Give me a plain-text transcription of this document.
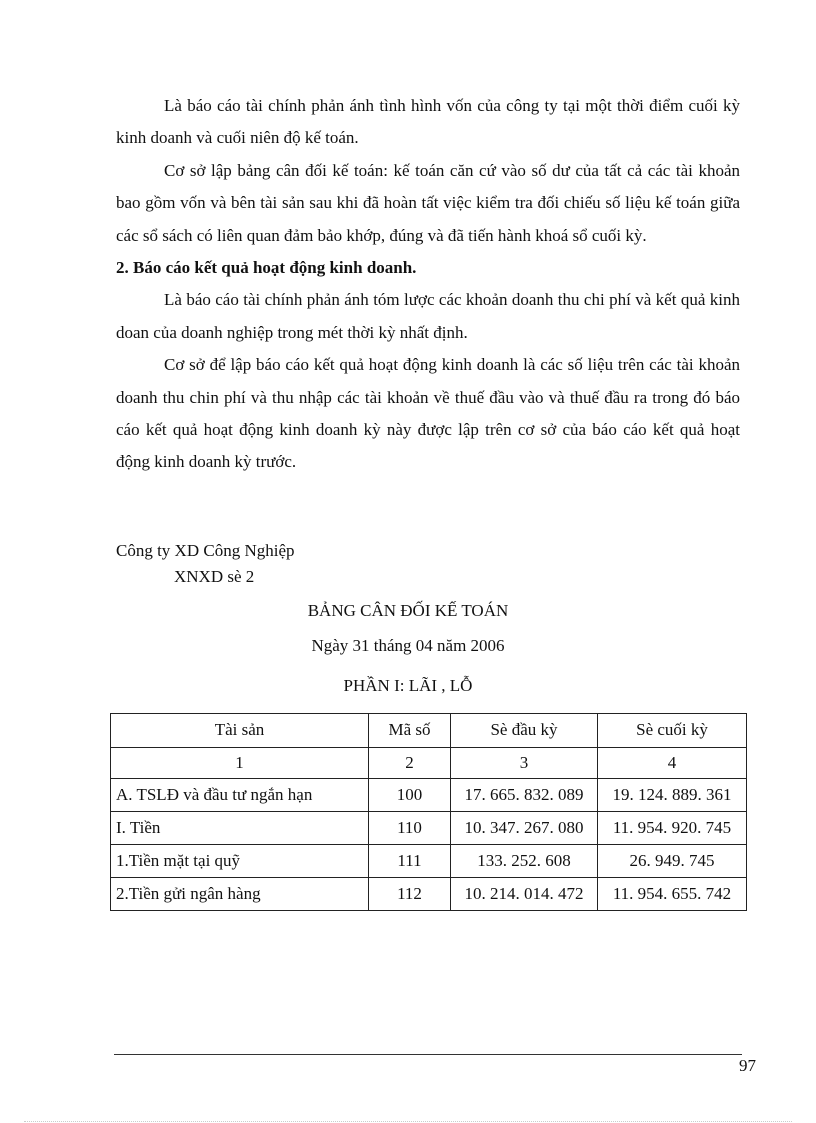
Là báo cáo tài chính phản ánh tình hình vốn của công ty tại một thời điểm cuối kỳ kinh doanh và cuối niên độ kế toán.

Cơ sở lập bảng cân đối kế toán: kế toán căn cứ vào số dư của tất cả các tài khoản bao gồm vốn và bên tài sản sau khi đã hoàn tất việc kiểm tra đối chiếu số liệu kế toán giữa các sổ sách có liên quan đảm bảo khớp, đúng và đã tiến hành khoá sổ cuối kỳ.

2. Báo cáo kết quả hoạt động kinh doanh.

Là báo cáo tài chính phản ánh tóm lược các khoản doanh thu chi phí và kết quả kinh doan của doanh nghiệp trong mét thời kỳ nhất định.

Cơ sở để lập báo cáo kết quả hoạt động kinh doanh là các số liệu trên các tài khoản doanh thu chin phí và thu nhập các tài khoản về thuế đầu vào và thuế đầu ra trong đó báo cáo kết quả hoạt động kinh doanh kỳ này được lập trên cơ sở của báo cáo kết quả hoạt động kinh doanh kỳ trước.

Công ty XD Công Nghiệp
XNXD sè 2
BẢNG CÂN ĐỐI KẾ TOÁN
Ngày 31 tháng 04 năm 2006
PHẦN I: LÃI , LỖ
Tài sản	Mã số	Sè đầu kỳ	Sè cuối kỳ
1	2	3	4
A. TSLĐ và đầu tư ngắn hạn	100	17. 665. 832. 089	19. 124. 889. 361
I. Tiền	110	10. 347. 267. 080	11. 954. 920. 745
1.Tiền mặt tại quỹ	111	133. 252. 608	26. 949. 745
2.Tiền gửi ngân hàng	112	10. 214. 014. 472	11. 954. 655. 742
97
